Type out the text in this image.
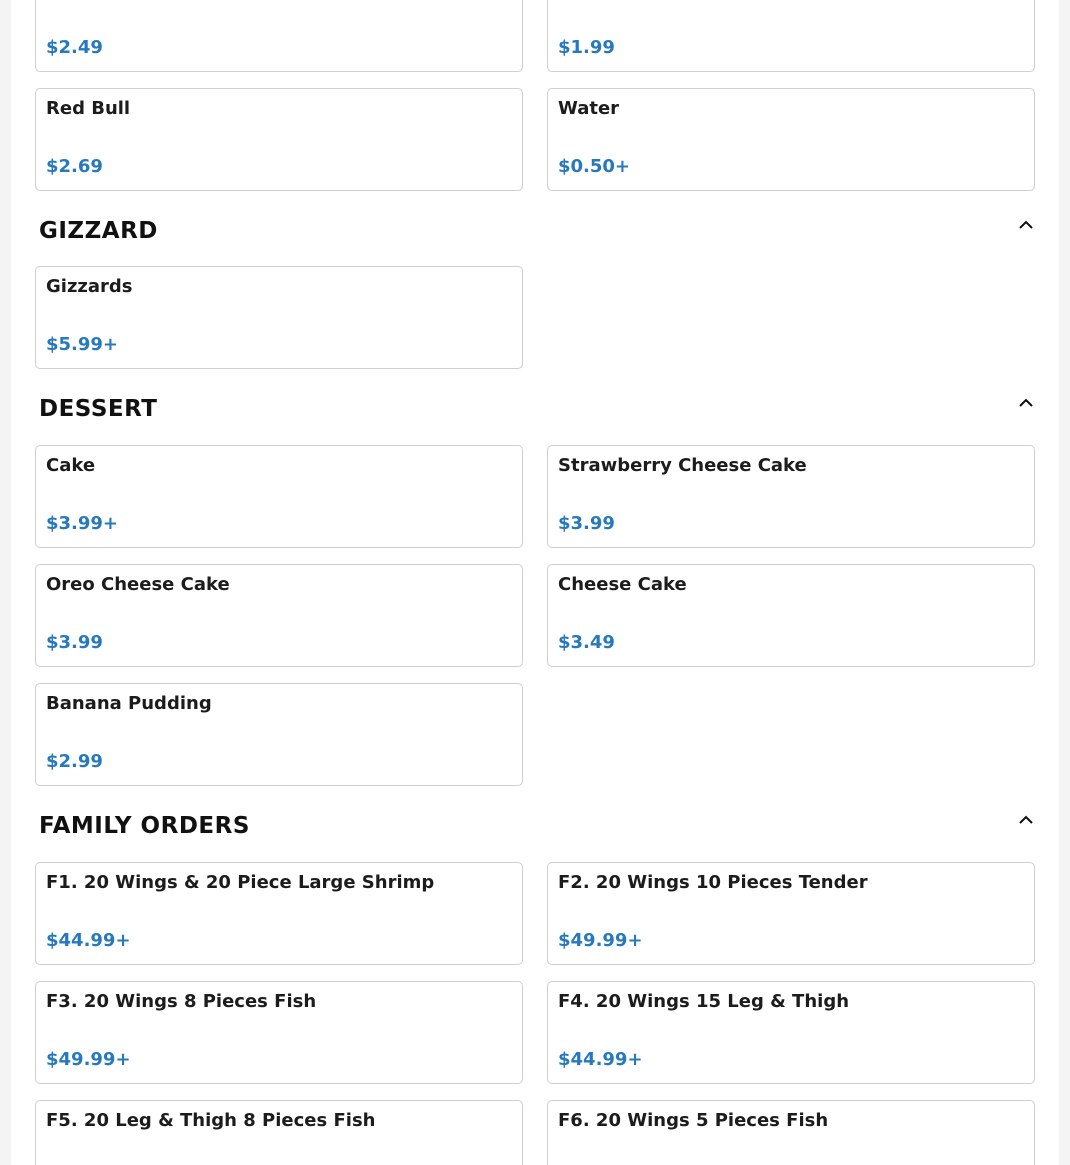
$2.49	$1.99
Red Bull
$2.69
Water
$0.50+
GIZZARD
Gizzards
$5.99+
DESSERT
Cake
$3.99+
Strawberry Cheese Cake
$3.99
Oreo Cheese Cake
$3.99
Cheese Cake
$3.49
Banana Pudding
$2.99
FAMILY ORDERS
F1. 20 Wings & 20 Piece Large Shrimp
$44.99+
F2. 20 Wings 10 Pieces Tender
$49.99+
F3. 20 Wings 8 Pieces Fish
$49.99+
F4. 20 Wings 15 Leg & Thigh
$44.99+
F5. 20 Leg & Thigh 8 Pieces Fish	F6. 20 Wings 5 Pieces Fish
